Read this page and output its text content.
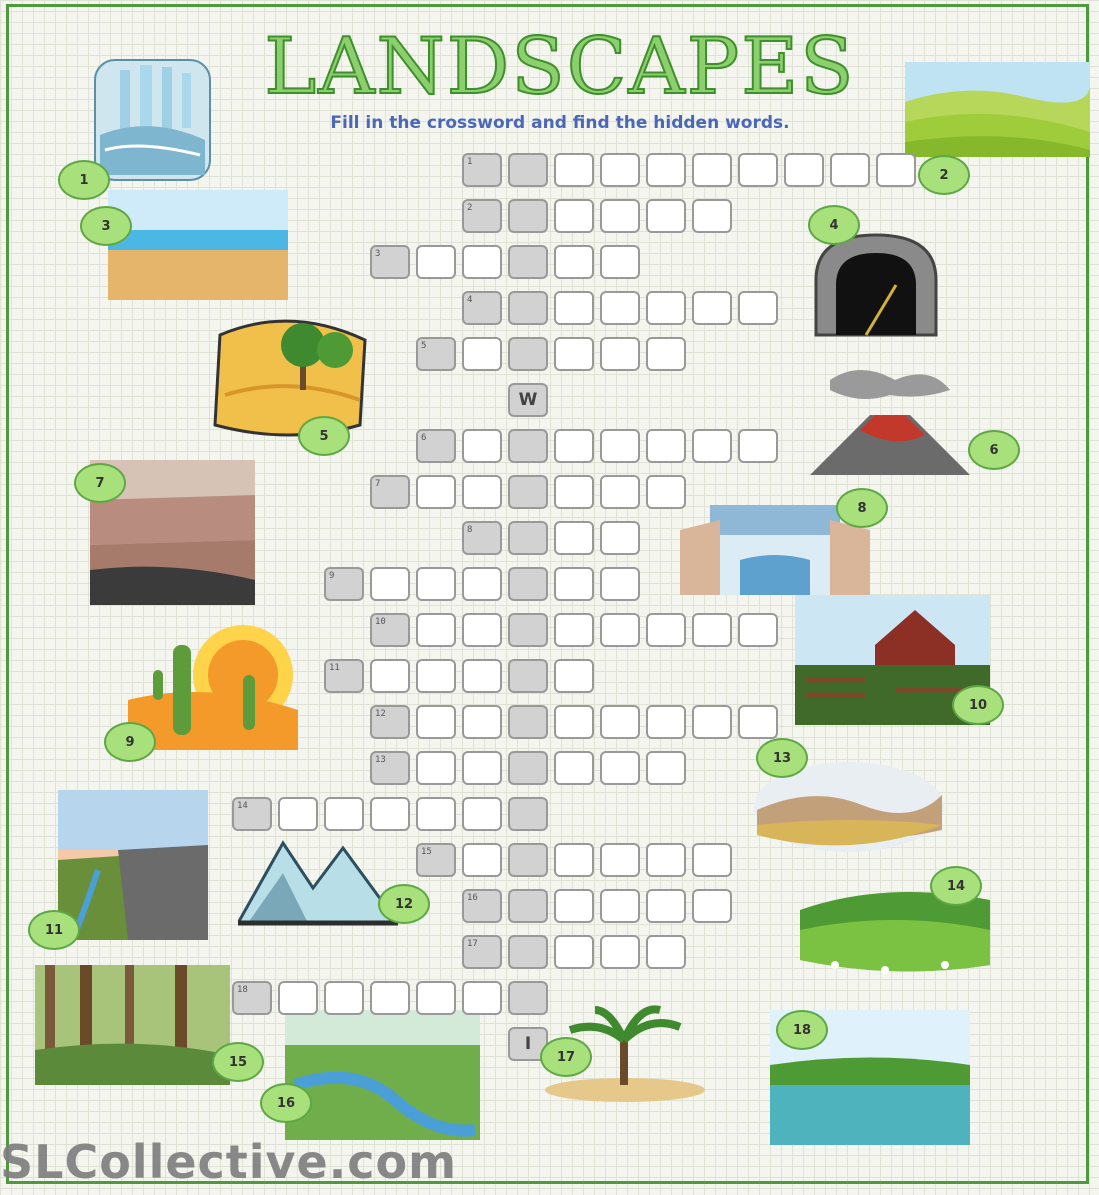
LANDSCAPES
Fill in the crossword and find the hidden words.
1
2
3
4
5
W
6
7
8
9
10
11
12
13
14
15
16
17
18
I
1	2
3	4
5
6
7
8
9
10
11
12
13
14
15
16
17
18
SLCollective.com
